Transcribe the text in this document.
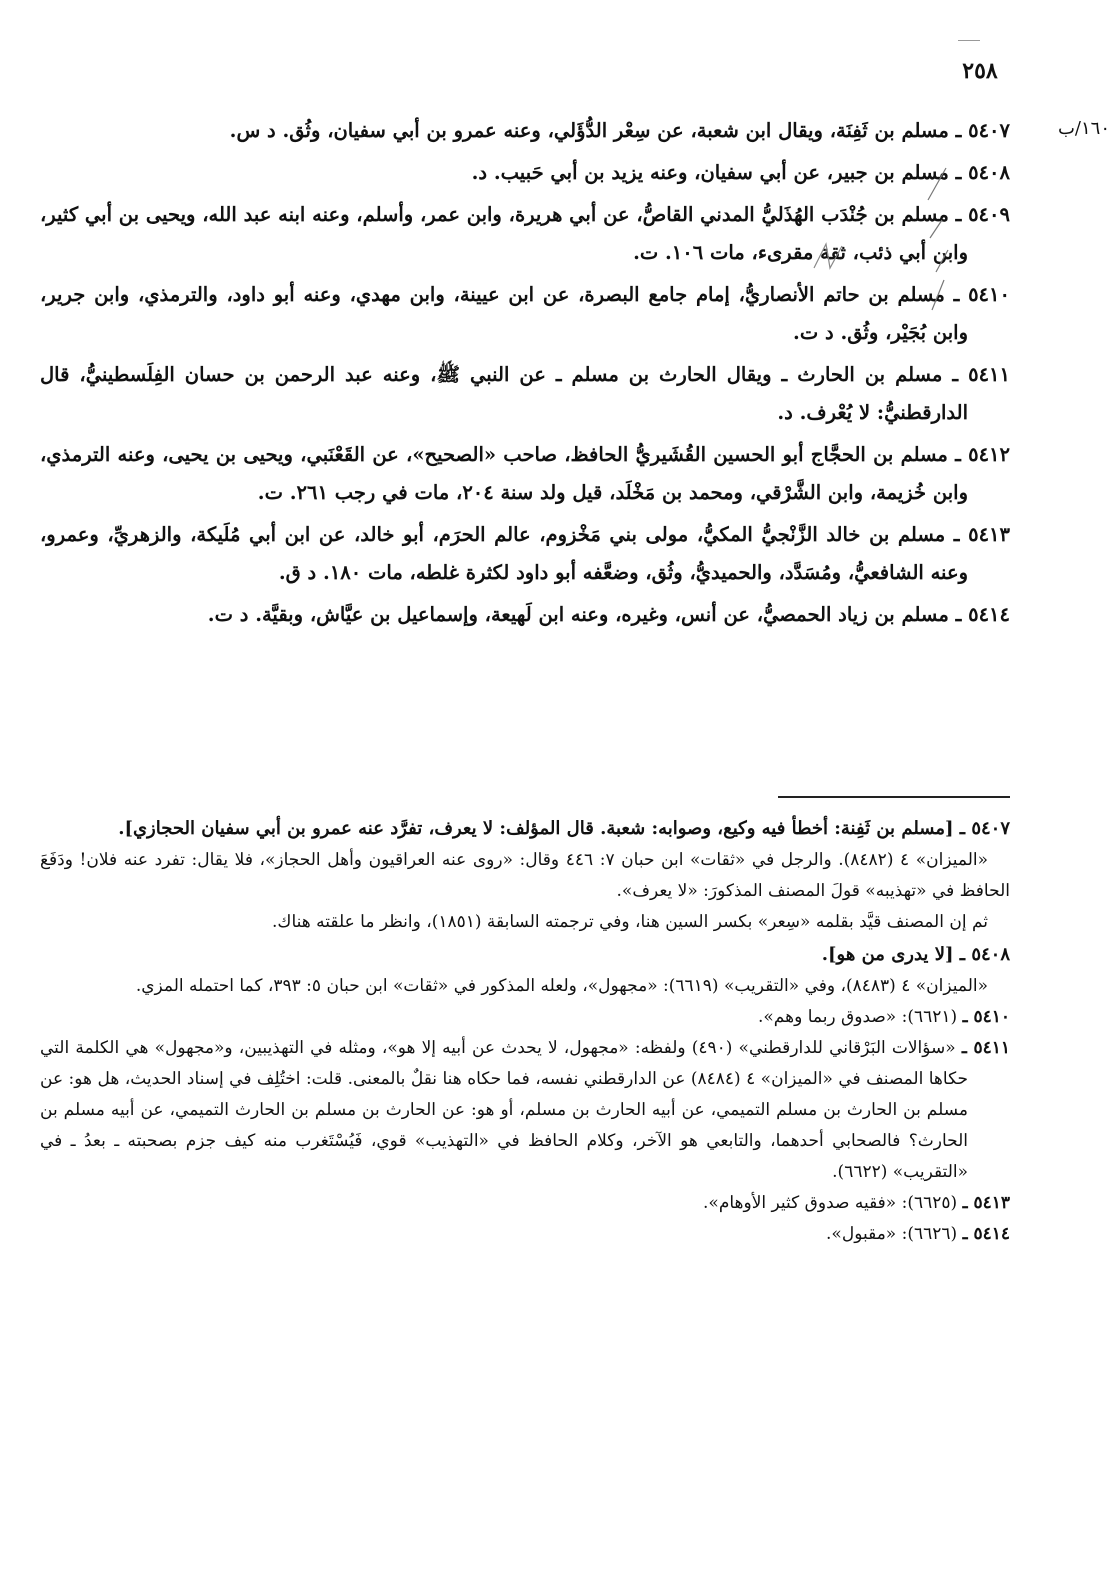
٢٥٨
١٦٠/ب
٥٤٠٧ ـ مسلم بن ثَفِنَة، ويقال ابن شعبة، عن سِعْر الدُّؤَلي، وعنه عمرو بن أبي سفيان، وثُق. د س.
٥٤٠٨ ـ مسلم بن جبير، عن أبي سفيان، وعنه يزيد بن أبي حَبيب. د.
٥٤٠٩ ـ مسلم بن جُنْدَب الهُذَليُّ المدني القاصُّ، عن أبي هريرة، وابن عمر، وأسلم، وعنه ابنه عبد الله، ويحيى بن أبي كثير، وابن أبي ذئب، ثقة مقرىء، مات ١٠٦. ت.
٥٤١٠ ـ مسلم بن حاتم الأنصاريُّ، إمام جامع البصرة، عن ابن عيينة، وابن مهدي، وعنه أبو داود، والترمذي، وابن جرير، وابن بُجَيْر، وثُق. د ت.
٥٤١١ ـ مسلم بن الحارث ـ ويقال الحارث بن مسلم ـ عن النبي ﷺ، وعنه عبد الرحمن بن حسان الفِلَسطينيُّ، قال الدارقطنيُّ: لا يُعْرف. د.
٥٤١٢ ـ مسلم بن الحجَّاج أبو الحسين القُشَيريُّ الحافظ، صاحب «الصحيح»، عن القَعْنَبي، ويحيى بن يحيى، وعنه الترمذي، وابن خُزيمة، وابن الشَّرْقي، ومحمد بن مَخْلَد، قيل ولد سنة ٢٠٤، مات في رجب ٢٦١. ت.
٥٤١٣ ـ مسلم بن خالد الزَّنْجيُّ المكيُّ، مولى بني مَخْزوم، عالم الحرَم، أبو خالد، عن ابن أبي مُلَيكة، والزهريِّ، وعمرو، وعنه الشافعيُّ، ومُسَدَّد، والحميديُّ، وثُق، وضعَّفه أبو داود لكثرة غلطه، مات ١٨٠. د ق.
٥٤١٤ ـ مسلم بن زياد الحمصيُّ، عن أنس، وغيره، وعنه ابن لَهيعة، وإسماعيل بن عيَّاش، وبقيَّة. د ت.
٥٤٠٧ ـ [مسلم بن ثَفِنة: أخطأ فيه وكيع، وصوابه: شعبة. قال المؤلف: لا يعرف، تفرَّد عنه عمرو بن أبي سفيان الحجازي].
«الميزان» ٤ (٨٤٨٢). والرجل في «ثقات» ابن حبان ٧: ٤٤٦ وقال: «روى عنه العراقيون وأهل الحجاز»، فلا يقال: تفرد عنه فلان! ودَفَعَ الحافظ في «تهذيبه» قولَ المصنف المذكورَ: «لا يعرف».
ثم إن المصنف قيَّد بقلمه «سِعر» بكسر السين هنا، وفي ترجمته السابقة (١٨٥١)، وانظر ما علقته هناك.
٥٤٠٨ ـ [لا يدرى من هو].
«الميزان» ٤ (٨٤٨٣)، وفي «التقريب» (٦٦١٩): «مجهول»، ولعله المذكور في «ثقات» ابن حبان ٥: ٣٩٣، كما احتمله المزي.
٥٤١٠ ـ (٦٦٢١): «صدوق ربما وهم».
٥٤١١ ـ «سؤالات البَرْقاني للدارقطني» (٤٩٠) ولفظه: «مجهول، لا يحدث عن أبيه إلا هو»، ومثله في التهذيبين، و«مجهول» هي الكلمة التي حكاها المصنف في «الميزان» ٤ (٨٤٨٤) عن الدارقطني نفسه، فما حكاه هنا نقلٌ بالمعنى. قلت: اختُلِف في إسناد الحديث، هل هو: عن مسلم بن الحارث بن مسلم التميمي، عن أبيه الحارث بن مسلم، أو هو: عن الحارث بن مسلم بن الحارث التميمي، عن أبيه مسلم بن الحارث؟ فالصحابي أحدهما، والتابعي هو الآخر، وكلام الحافظ في «التهذيب» قوي، فَيُسْتَغرب منه كيف جزم بصحبته ـ بعدُ ـ في «التقريب» (٦٦٢٢).
٥٤١٣ ـ (٦٦٢٥): «فقيه صدوق كثير الأوهام».
٥٤١٤ ـ (٦٦٢٦): «مقبول».
